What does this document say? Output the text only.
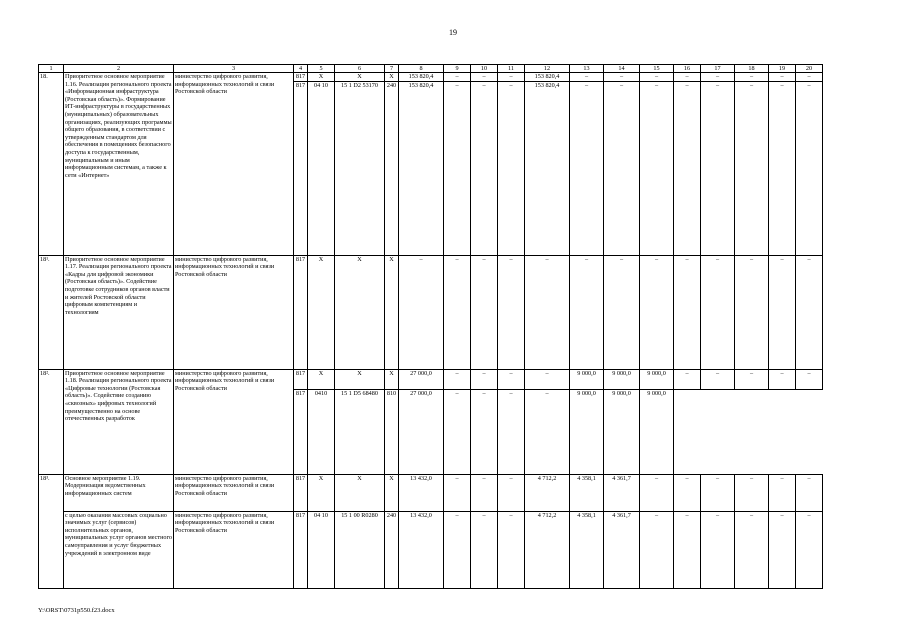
19
1	2	3	4	5	6	7	8	9	10	11	12	13	14	15	16	17	18	19	20
18.	Приоритетное основное мероприятие 1.16. Реализация регионального проекта «Информационная инфраструктура (Ростовская область)». Формирование ИТ-инфраструктуры в государственных (муниципальных) образовательных организациях, реализующих программы общего образования, в соответствии с утвержденным стандартом для обеспечения в помещениях безопасного доступа к государственным, муниципальным и иным информационным системам, а также к сети «Интернет»	министерство цифрового развития, информационных технологий и связи Ростовской области	817	X	X	X	153 820,4	–	–	–	153 820,4	–	–	–	–	–	–	–	–
			817	04 10	15 1 D2 53170	240	153 820,4	–	–	–	153 820,4	–	–	–	–	–	–	–	–
18¹.	Приоритетное основное мероприятие 1.17. Реализация регионального проекта «Кадры для цифровой экономики (Ростовская область)». Содействие подготовке сотрудников органов власти и жителей Ростовской области цифровым компетенциям и технологиям	министерство цифрового развития, информационных технологий и связи Ростовской области	817	X	X	X	–	–	–	–	–	–	–	–	–	–	–	–	–
18².	Приоритетное основное мероприятие 1.18. Реализация регионального проекта «Цифровые технологии (Ростовская область)». Содействие созданию «сквозных» цифровых технологий преимущественно на основе отечественных разработок	министерство цифрового развития, информационных технологий и связи Ростовской области	817	X	X	X	27 000,0	–	–	–	–	9 000,0	9 000,0	9 000,0	–	–	–	–	–
			817	0410	15 1 D5 68480	810	27 000,0	–	–	–	–	9 000,0	9 000,0	9 000,0					
18³.	Основное мероприятие 1.19. Модернизация ведомственных информационных систем	министерство цифрового развития, информационных технологий и связи Ростовской области	817	X	X	X	13 432,0	–	–	–	4 712,2	4 358,1	4 361,7	–	–	–	–	–	–
	с целью оказания массовых социально значимых услуг (сервисов) исполнительных органов, муниципальных услуг органов местного самоуправления и услуг бюджетных учреждений в электронном виде	министерство цифрового развития, информационных технологий и связи Ростовской области	817	04 10	15 1 00 R0280	240	13 432,0	–	–	–	4 712,2	4 358,1	4 361,7	–	–	–	–	–	–
Y:\ORST\0731p550.f23.docx
